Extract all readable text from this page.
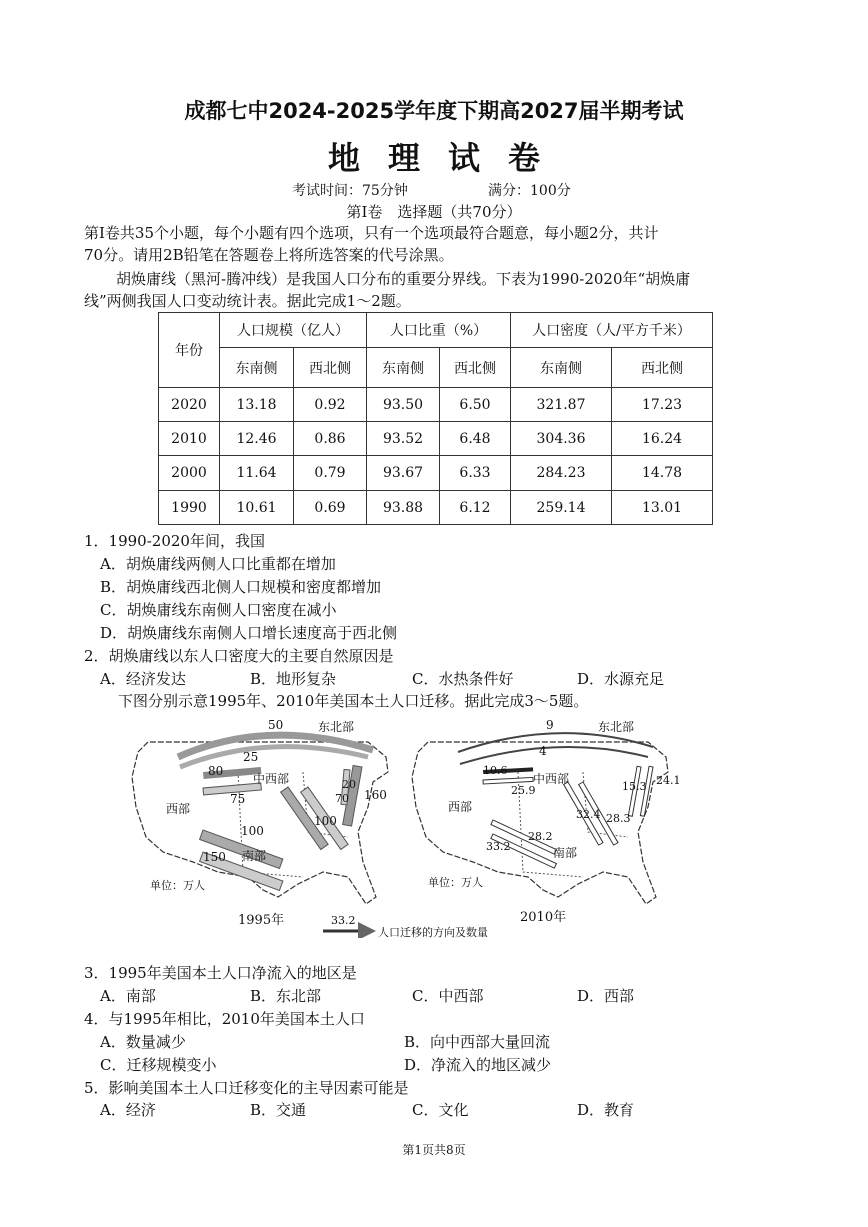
成都七中2024-2025学年度下期高2027届半期考试
地理试卷
考试时间：75分钟	满分：100分
第Ⅰ卷　选择题（共70分）
第Ⅰ卷共35个小题，每个小题有四个选项，只有一个选项最符合题意，每小题2分，共计
70分。请用2B铅笔在答题卷上将所选答案的代号涂黑。
胡焕庸线（黑河-腾冲线）是我国人口分布的重要分界线。下表为1990-2020年“胡焕庸
线”两侧我国人口变动统计表。据此完成1～2题。
年份	人口规模（亿人）		人口比重（%）		人口密度（人/平方千米）	
	东南侧	西北侧	东南侧	西北侧	东南侧	西北侧
2020	13.18	0.92	93.50	6.50	321.87	17.23
2010	12.46	0.86	93.52	6.48	304.36	16.24
2000	11.64	0.79	93.67	6.33	284.23	14.78
1990	10.61	0.69	93.88	6.12	259.14	13.01
1．1990-2020年间，我国
A．胡焕庸线两侧人口比重都在增加
B．胡焕庸线西北侧人口规模和密度都增加
C．胡焕庸线东南侧人口密度在减小
D．胡焕庸线东南侧人口增长速度高于西北侧
2．胡焕庸线以东人口密度大的主要自然原因是
A．经济发达	B．地形复杂	C．水热条件好	D．水源充足
下图分别示意1995年、2010年美国本土人口迁移。据此完成3～5题。
50	东北部
25
80
中西部
75
西部
100
150 南部
100
160
70
20
单位：万人
1995年
9	东北部
4
10.6
中西部
25.9
西部
32.4 28.3
28.2
33.2	南部
15.3 24.1
单位：万人
2010年
33.2
人口迁移的方向及数量
3．1995年美国本土人口净流入的地区是
A．南部	B．东北部	C．中西部	D．西部
4．与1995年相比，2010年美国本土人口
A．数量减少	B．向中西部大量回流
C．迁移规模变小	D．净流入的地区减少
5．影响美国本土人口迁移变化的主导因素可能是
A．经济	B．交通	C．文化	D．教育
第1页共8页
